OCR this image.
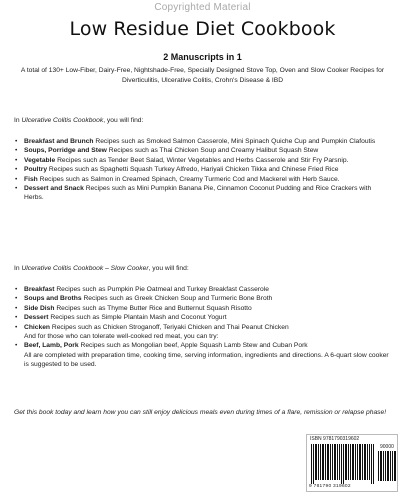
Copyrighted Material
Low Residue Diet Cookbook
2 Manuscripts in 1
A total of 130+ Low-Fiber, Dairy-Free, Nightshade-Free, Specially Designed Stove Top, Oven and Slow Cooker Recipes for Diverticulitis, Ulcerative Colitis, Crohn's Disease & IBD
In Ulcerative Colitis Cookbook, you will find:
• Breakfast and Brunch Recipes such as Smoked Salmon Casserole, Mini Spinach Quiche Cup and Pumpkin Clafoutis
• Soups, Porridge and Stew Recipes such as Thai Chicken Soup and Creamy Halibut Squash Stew
• Vegetable Recipes such as Tender Beet Salad, Winter Vegetables and Herbs Casserole and Stir Fry Parsnip.
• Poultry Recipes such as Spaghetti Squash Turkey Alfredo, Hariyali Chicken Tikka and Chinese Fried Rice
• Fish Recipes such as Salmon in Creamed Spinach, Creamy Turmeric Cod and Mackerel with Herb Sauce.
• Dessert and Snack Recipes such as Mini Pumpkin Banana Pie, Cinnamon Coconut Pudding and Rice Crackers with Herbs.
In Ulcerative Colitis Cookbook – Slow Cooker, you will find:
• Breakfast Recipes such as Pumpkin Pie Oatmeal and Turkey Breakfast Casserole
• Soups and Broths Recipes such as Greek Chicken Soup and Turmeric Bone Broth
• Side Dish Recipes such as Thyme Butter Rice and Butternut Squash Risotto
• Dessert Recipes such as Simple Plantain Mash and Coconut Yogurt
• Chicken Recipes such as Chicken Stroganoff, Teriyaki Chicken and Thai Peanut Chicken
And for those who can tolerate well-cooked red meat, you can try:
• Beef, Lamb, Pork Recipes such as Mongolian beef, Apple Squash Lamb Stew and Cuban Pork
All are completed with preparation time, cooking time, serving information, ingredients and directions. A 6-quart slow cooker is suggested to be used.
Get this book today and learn how you can still enjoy delicious meals even during times of a flare, remission or relapse phase!
ISBN 9781790319602
90000
9 781790 319602
